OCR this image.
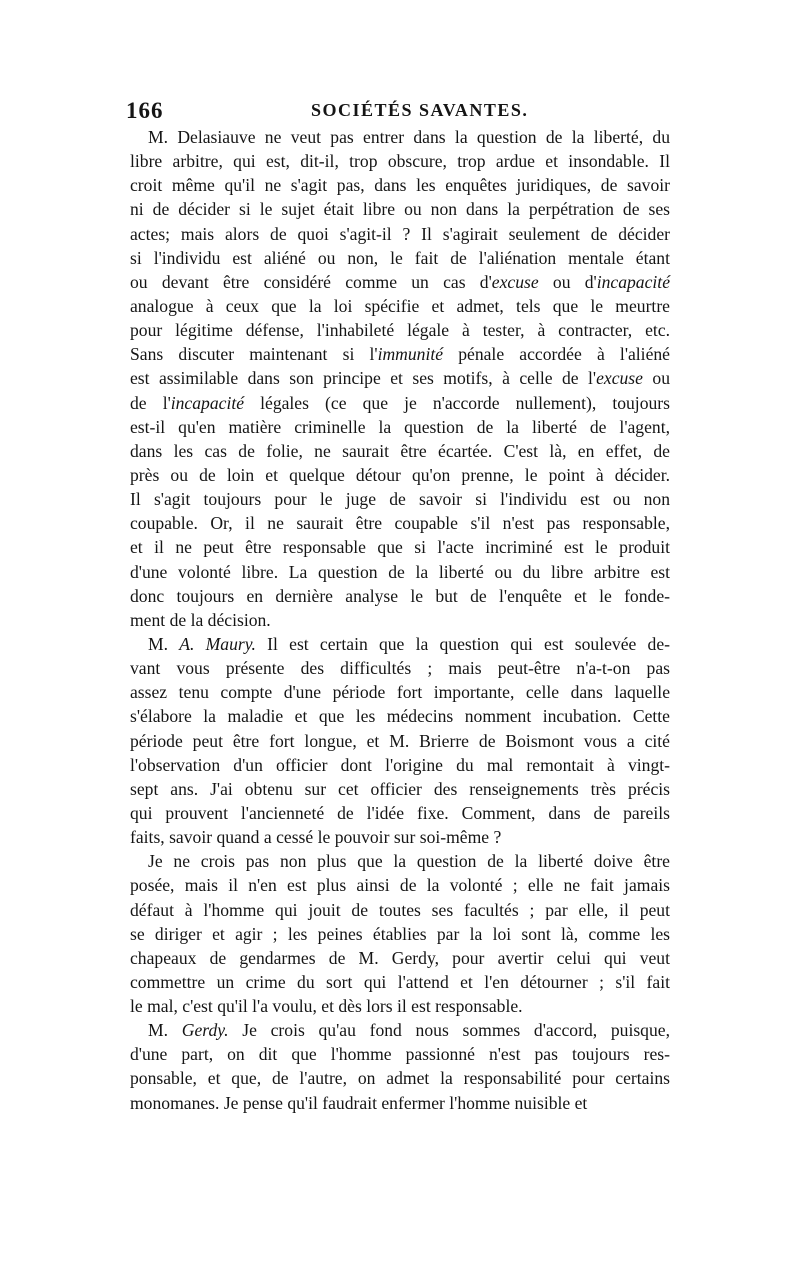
166	SOCIÉTÉS SAVANTES.
M. Delasiauve ne veut pas entrer dans la question de la liberté, du
libre arbitre, qui est, dit-il, trop obscure, trop ardue et insondable. Il
croit même qu'il ne s'agit pas, dans les enquêtes juridiques, de savoir
ni de décider si le sujet était libre ou non dans la perpétration de ses
actes; mais alors de quoi s'agit-il ? Il s'agirait seulement de décider
si l'individu est aliéné ou non, le fait de l'aliénation mentale étant
ou devant être considéré comme un cas d'excuse ou d'incapacité
analogue à ceux que la loi spécifie et admet, tels que le meurtre
pour légitime défense, l'inhabileté légale à tester, à contracter, etc.
Sans discuter maintenant si l'immunité pénale accordée à l'aliéné
est assimilable dans son principe et ses motifs, à celle de l'excuse ou
de l'incapacité légales (ce que je n'accorde nullement), toujours
est-il qu'en matière criminelle la question de la liberté de l'agent,
dans les cas de folie, ne saurait être écartée. C'est là, en effet, de
près ou de loin et quelque détour qu'on prenne, le point à décider.
Il s'agit toujours pour le juge de savoir si l'individu est ou non
coupable. Or, il ne saurait être coupable s'il n'est pas responsable,
et il ne peut être responsable que si l'acte incriminé est le produit
d'une volonté libre. La question de la liberté ou du libre arbitre est
donc toujours en dernière analyse le but de l'enquête et le fonde-
ment de la décision.
M. A. Maury. Il est certain que la question qui est soulevée de-
vant vous présente des difficultés ; mais peut-être n'a-t-on pas
assez tenu compte d'une période fort importante, celle dans laquelle
s'élabore la maladie et que les médecins nomment incubation. Cette
période peut être fort longue, et M. Brierre de Boismont vous a cité
l'observation d'un officier dont l'origine du mal remontait à vingt-
sept ans. J'ai obtenu sur cet officier des renseignements très précis
qui prouvent l'ancienneté de l'idée fixe. Comment, dans de pareils
faits, savoir quand a cessé le pouvoir sur soi-même ?
Je ne crois pas non plus que la question de la liberté doive être
posée, mais il n'en est plus ainsi de la volonté ; elle ne fait jamais
défaut à l'homme qui jouit de toutes ses facultés ; par elle, il peut
se diriger et agir ; les peines établies par la loi sont là, comme les
chapeaux de gendarmes de M. Gerdy, pour avertir celui qui veut
commettre un crime du sort qui l'attend et l'en détourner ; s'il fait
le mal, c'est qu'il l'a voulu, et dès lors il est responsable.
M. Gerdy. Je crois qu'au fond nous sommes d'accord, puisque,
d'une part, on dit que l'homme passionné n'est pas toujours res-
ponsable, et que, de l'autre, on admet la responsabilité pour certains
monomanes. Je pense qu'il faudrait enfermer l'homme nuisible et
